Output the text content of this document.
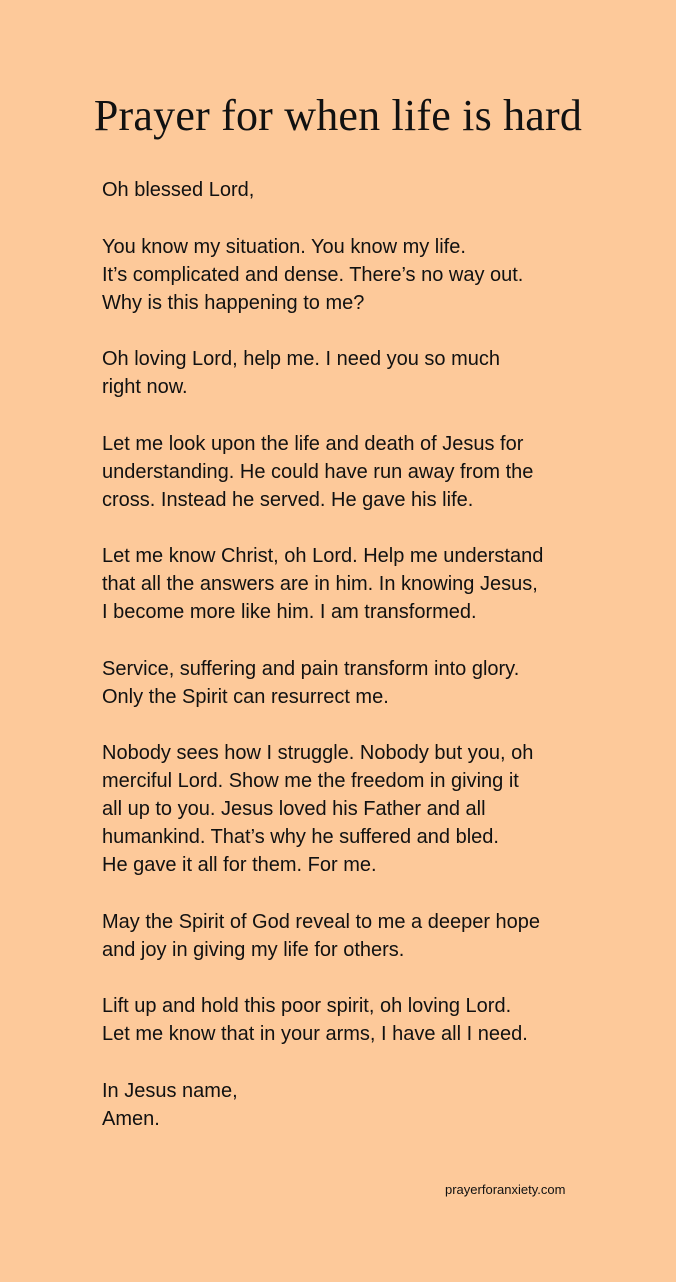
Prayer for when life is hard

Oh blessed Lord,

You know my situation. You know my life.
It’s complicated and dense. There’s no way out.
Why is this happening to me?

Oh loving Lord, help me. I need you so much
right now.

Let me look upon the life and death of Jesus for
understanding. He could have run away from the
cross. Instead he served. He gave his life.

Let me know Christ, oh Lord. Help me understand
that all the answers are in him. In knowing Jesus,
I become more like him. I am transformed.

Service, suffering and pain transform into glory.
Only the Spirit can resurrect me.

Nobody sees how I struggle. Nobody but you, oh
merciful Lord. Show me the freedom in giving it
all up to you. Jesus loved his Father and all
humankind. That’s why he suffered and bled.
He gave it all for them. For me.

May the Spirit of God reveal to me a deeper hope
and joy in giving my life for others.

Lift up and hold this poor spirit, oh loving Lord.
Let me know that in your arms, I have all I need.

In Jesus name,
Amen.

prayerforanxiety.com
